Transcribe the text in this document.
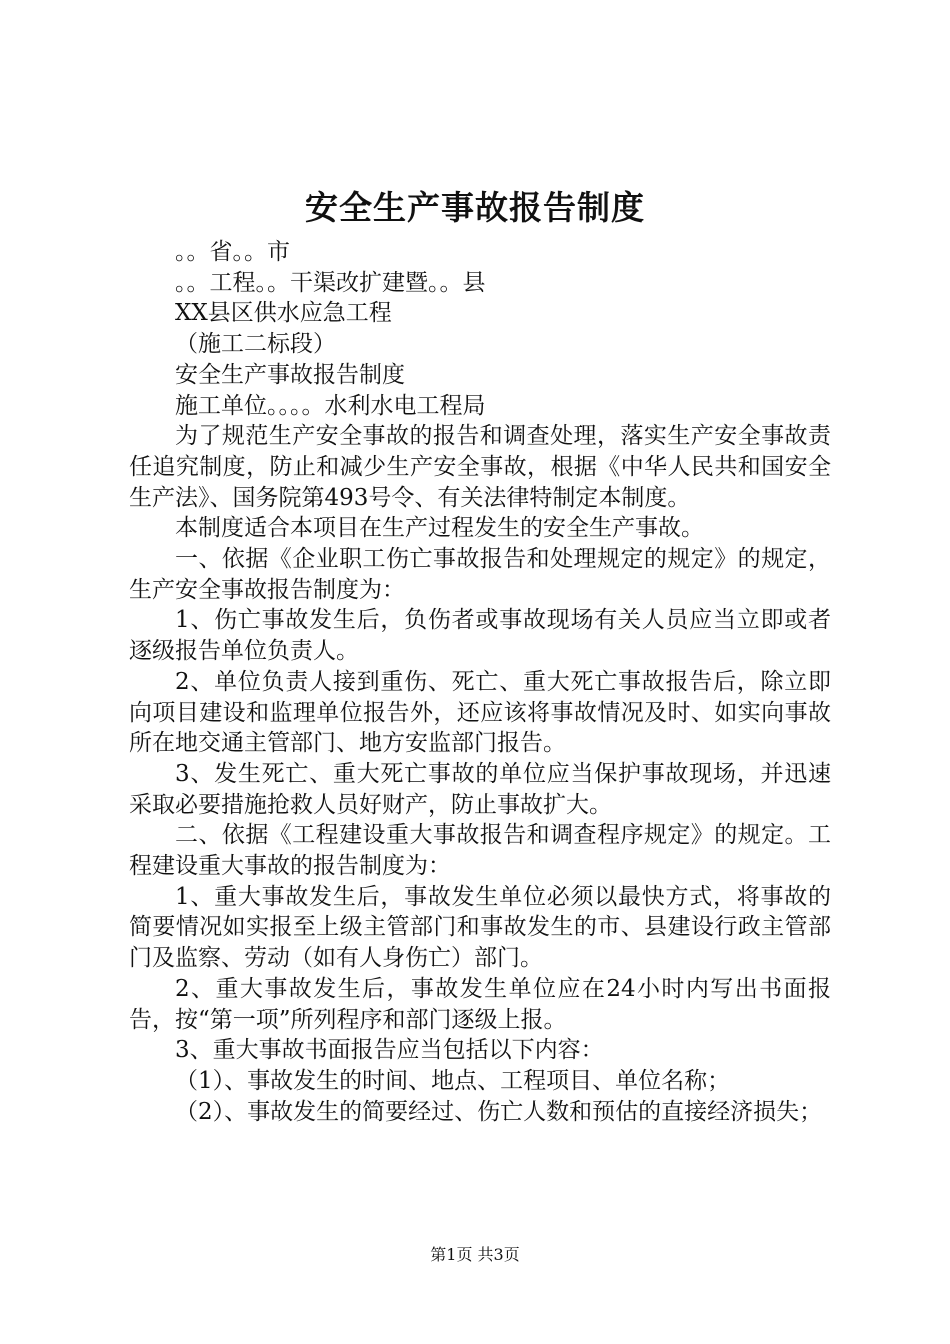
安全生产事故报告制度

。。省。。市

。。工程。。干渠改扩建暨。。县

XX县区供水应急工程

（施工二标段）

安全生产事故报告制度

施工单位。。。。水利水电工程局

为了规范生产安全事故的报告和调查处理，落实生产安全事故责任追究制度，防止和减少生产安全事故，根据《中华人民共和国安全生产法》、国务院第493号令、有关法律特制定本制度。

本制度适合本项目在生产过程发生的安全生产事故。

一、依据《企业职工伤亡事故报告和处理规定的规定》的规定，生产安全事故报告制度为：

1、伤亡事故发生后，负伤者或事故现场有关人员应当立即或者逐级报告单位负责人。

2、单位负责人接到重伤、死亡、重大死亡事故报告后，除立即向项目建设和监理单位报告外，还应该将事故情况及时、如实向事故所在地交通主管部门、地方安监部门报告。

3、发生死亡、重大死亡事故的单位应当保护事故现场，并迅速采取必要措施抢救人员好财产，防止事故扩大。

二、依据《工程建设重大事故报告和调查程序规定》的规定。工程建设重大事故的报告制度为：

1、重大事故发生后，事故发生单位必须以最快方式，将事故的简要情况如实报至上级主管部门和事故发生的市、县建设行政主管部门及监察、劳动（如有人身伤亡）部门。

2、重大事故发生后，事故发生单位应在24小时内写出书面报告，按“第一项”所列程序和部门逐级上报。

3、重大事故书面报告应当包括以下内容：

（1）、事故发生的时间、地点、工程项目、单位名称；

（2）、事故发生的简要经过、伤亡人数和预估的直接经济损失；

第1页 共3页
